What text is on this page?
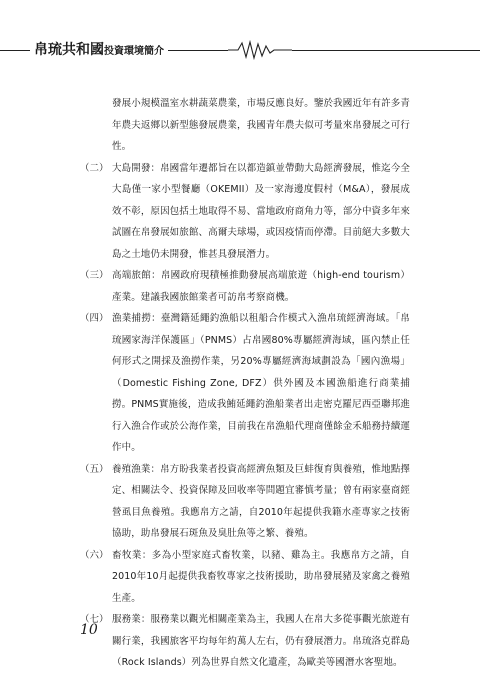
帛琉共和國投資環境簡介
發展小規模溫室水耕蔬菜農業，市場反應良好。鑒於我國近年有許多青年農夫返鄉以新型態發展農業，我國青年農夫似可考量來帛發展之可行性。
（二） 大島開發：帛國當年遷都旨在以都造鎮並帶動大島經濟發展，惟迄今全大島僅一家小型餐廳（OKEMII）及一家海邊度假村（M&A），發展成效不彰，原因包括土地取得不易、當地政府商角力等，部分中資多年來試圖在帛發展如旅館、高爾夫球場，或因疫情而停滯。目前絕大多數大島之土地仍未開發，惟甚具發展潛力。
（三） 高端旅館：帛國政府現積極推動發展高端旅遊（high-end tourism）產業。建議我國旅館業者可訪帛考察商機。
（四） 漁業捕撈：臺灣籍延繩釣漁船以租船合作模式入漁帛琉經濟海域。「帛琉國家海洋保護區」（PNMS）占帛國80%專屬經濟海域，區內禁止任何形式之開採及漁撈作業，另20%專屬經濟海域劃設為「國內漁場」（Domestic Fishing Zone, DFZ）供外國及本國漁船進行商業捕撈。PNMS實施後，造成我鮪延繩釣漁船業者出走密克羅尼西亞聯邦進行入漁合作或於公海作業，目前我在帛漁船代理商僅餘金禾船務持續運作中。
（五） 養殖漁業：帛方盼我業者投資高經濟魚類及巨蚌復育與養殖，惟地點擇定、相關法令、投資保障及回收率等問題宜審慎考量；曾有兩家臺商經營虱目魚養殖。我應帛方之請，自2010年起提供我籍水產專家之技術協助，助帛發展石斑魚及臭肚魚等之繁、養殖。
（六） 畜牧業：多為小型家庭式畜牧業，以豬、雞為主。我應帛方之請，自2010年10月起提供我畜牧專家之技術援助，助帛發展豬及家禽之養殖生產。
（七） 服務業：服務業以觀光相關產業為主，我國人在帛大多從事觀光旅遊有關行業，我國旅客平均每年約萬人左右，仍有發展潛力。帛琉洛克群島（Rock Islands）列為世界自然文化遺產，為歐美等國潛水客聖地。
10
